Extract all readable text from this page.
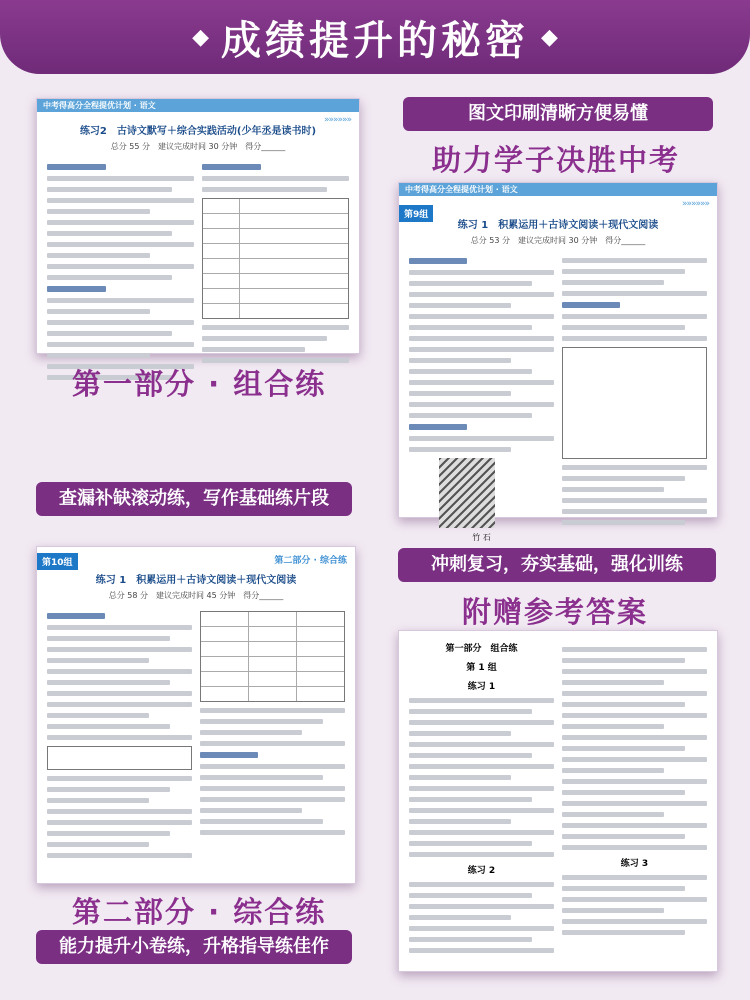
◆ 成绩提升的秘密 ◆
中考得高分全程提优计划 · 语文
»»»»»»
练习2　古诗文默写＋综合实践活动(少年丞是读书时)
总分 55 分　建议完成时间 30 分钟　得分______
第一部分 · 组合练
查漏补缺滚动练，写作基础练片段
图文印刷清晰方便易懂
助力学子决胜中考
中考得高分全程提优计划 · 语文
»»»»»»
第9组
练习 1　积累运用＋古诗文阅读＋现代文阅读
总分 53 分　建议完成时间 30 分钟　得分______
竹 石
第10组	第二部分 · 综合练
练习 1　积累运用＋古诗文阅读＋现代文阅读
总分 58 分　建议完成时间 45 分钟　得分______
第二部分 · 综合练
能力提升小卷练，升格指导练佳作
冲刺复习，夯实基础，强化训练
附赠参考答案
第一部分　组合练
第 1 组
练习 1
练习 2
练习 3
